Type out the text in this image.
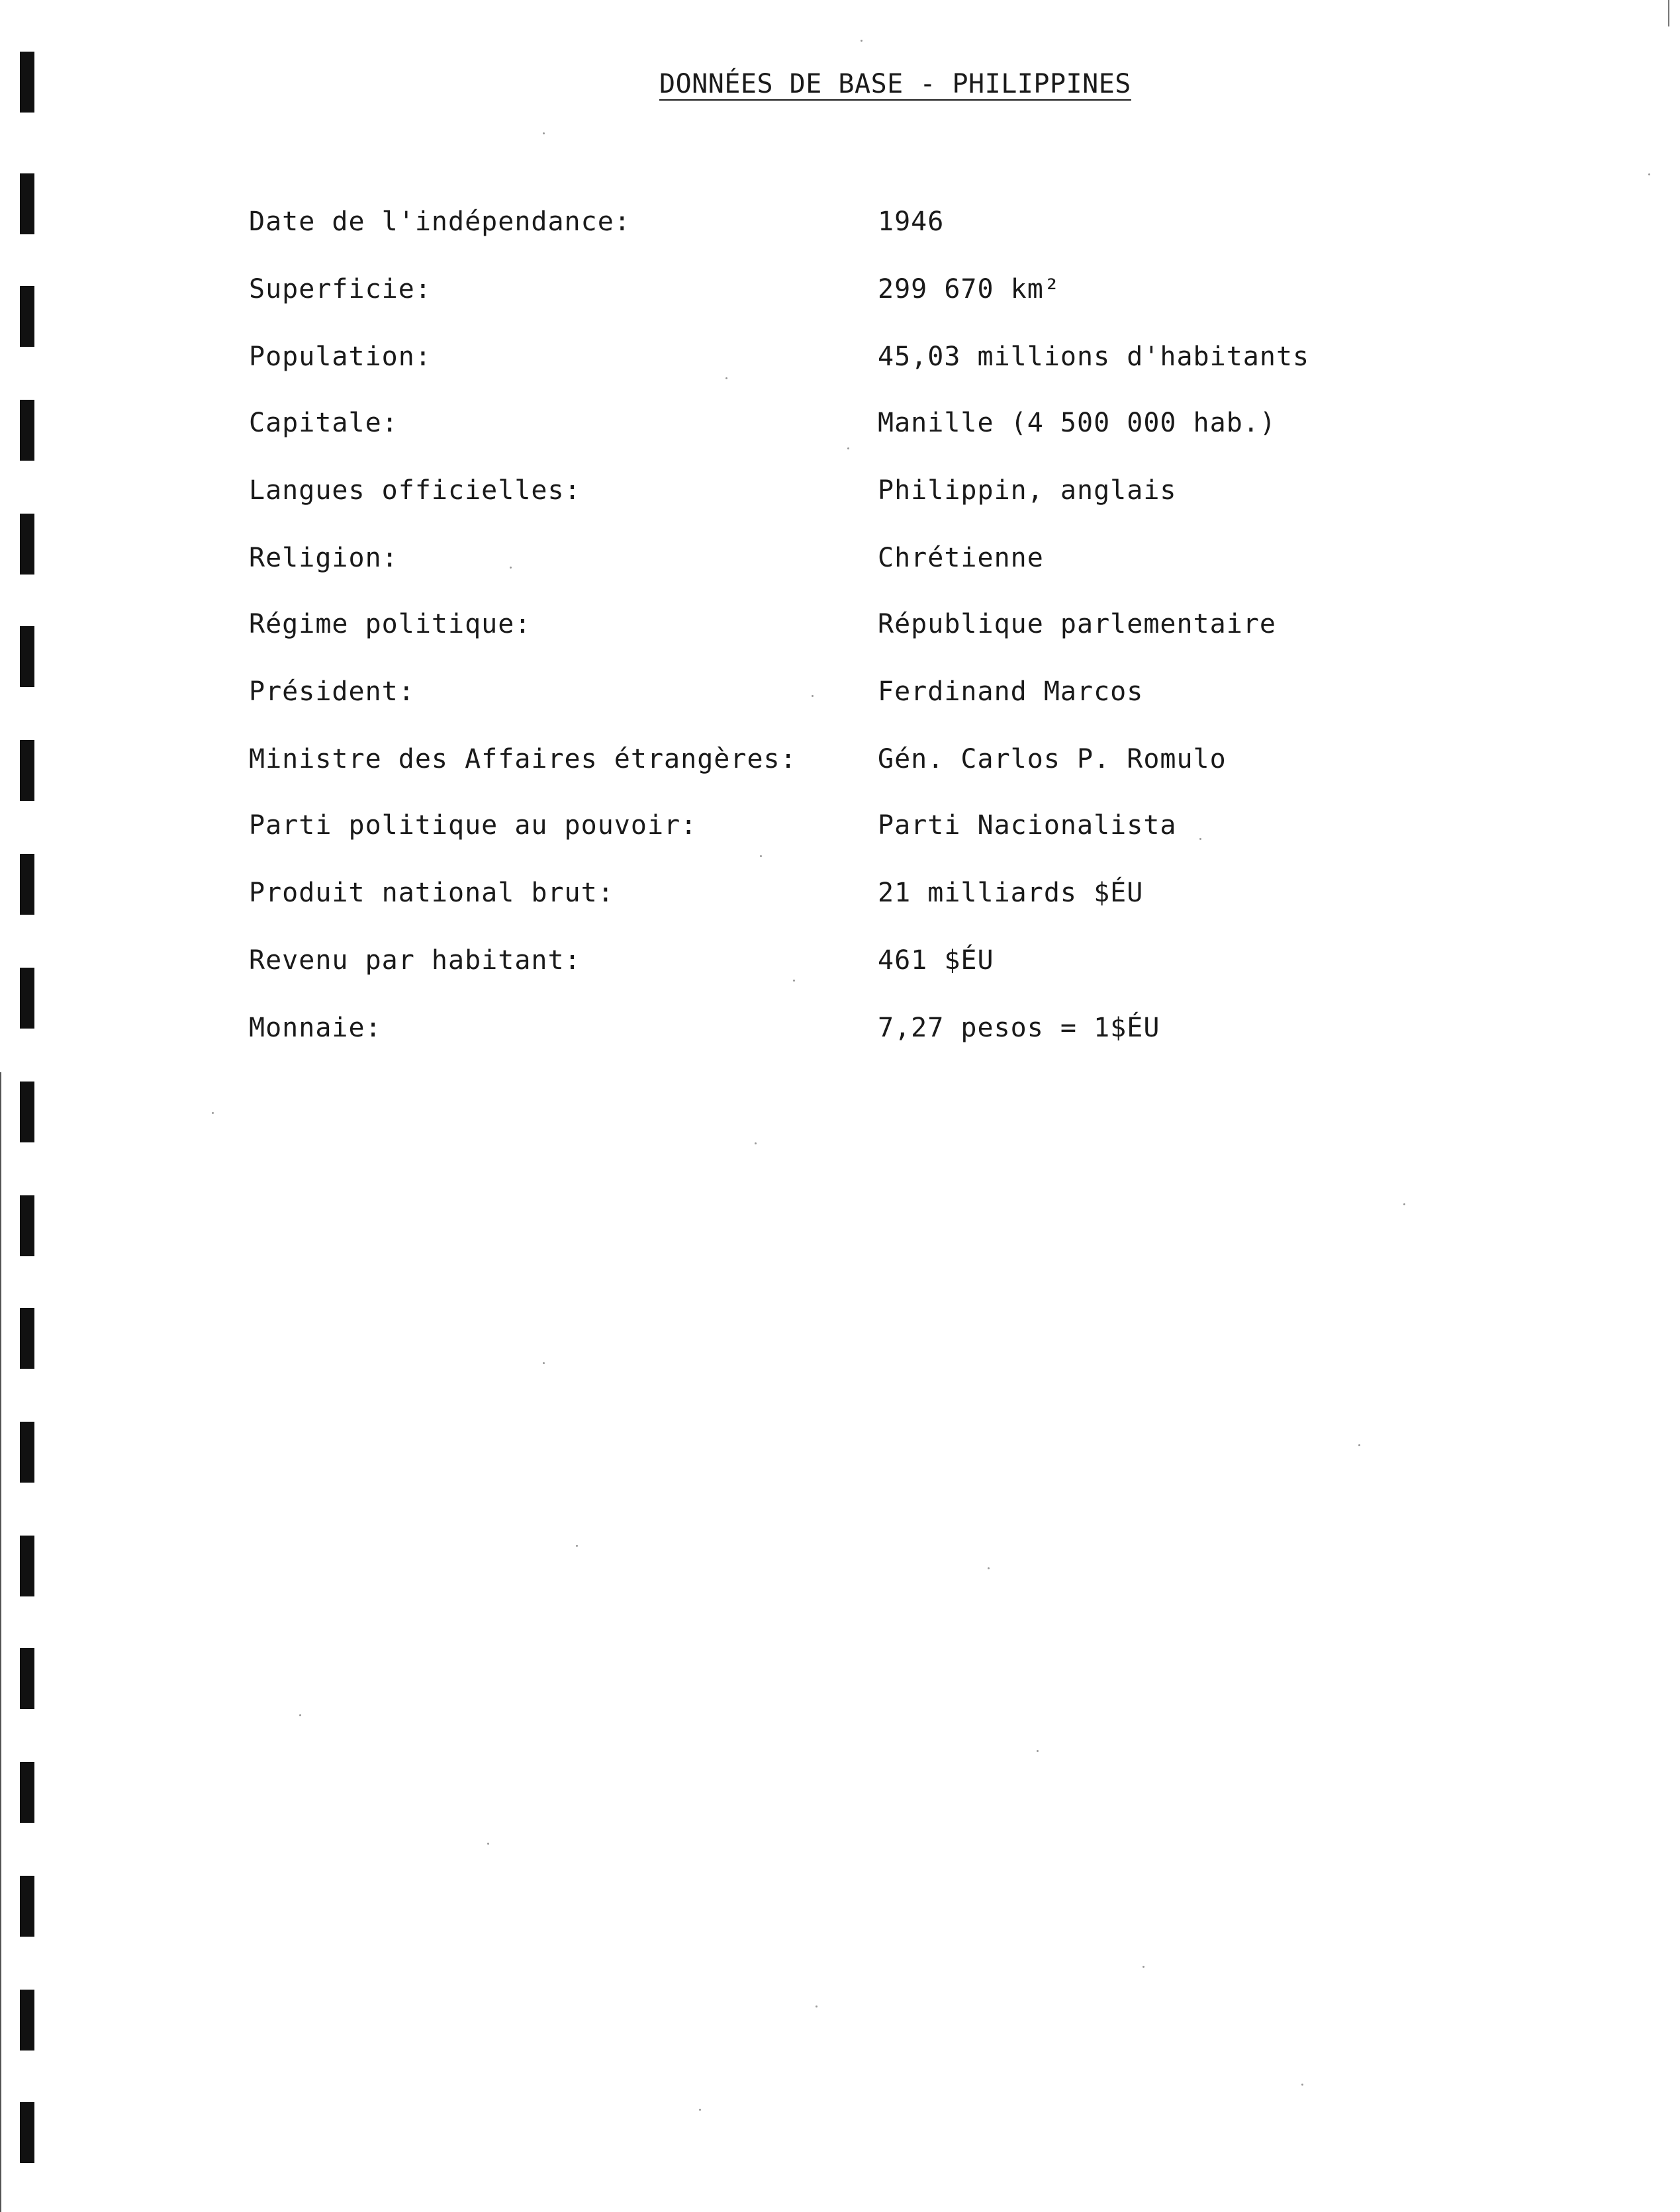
DONNÉES DE BASE - PHILIPPINES
Date de l'indépendance:	1946
Superficie:	299 670 km²
Population:	45,03 millions d'habitants
Capitale:	Manille (4 500 000 hab.)
Langues officielles:	Philippin, anglais
Religion:	Chrétienne
Régime politique:	République parlementaire
Président:	Ferdinand Marcos
Ministre des Affaires étrangères:	Gén. Carlos P. Romulo
Parti politique au pouvoir:	Parti Nacionalista
Produit national brut:	21 milliards $ÉU
Revenu par habitant:	461 $ÉU
Monnaie:	7,27 pesos = 1$ÉU
